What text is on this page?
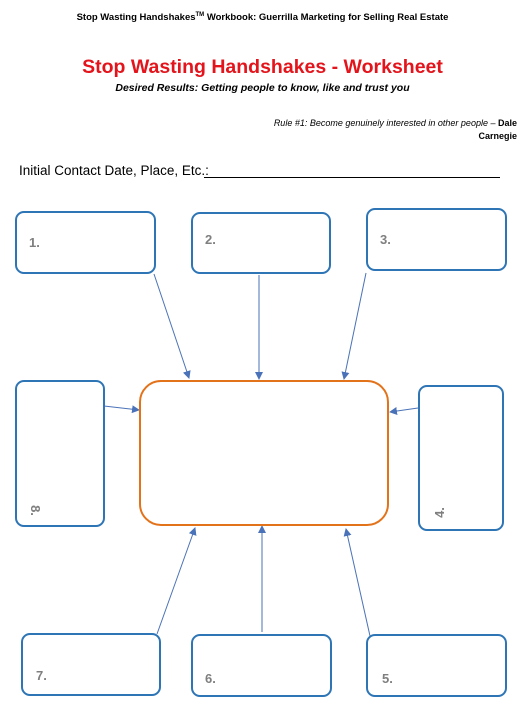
Stop Wasting Handshakes™ Workbook: Guerrilla Marketing for Selling Real Estate
Stop Wasting Handshakes - Worksheet
Desired Results: Getting people to know, like and trust you
Rule #1: Become genuinely interested in other people – Dale Carnegie
Initial Contact Date, Place, Etc.:
1.	2.	3.
4.
5.
6.
7.
8.
